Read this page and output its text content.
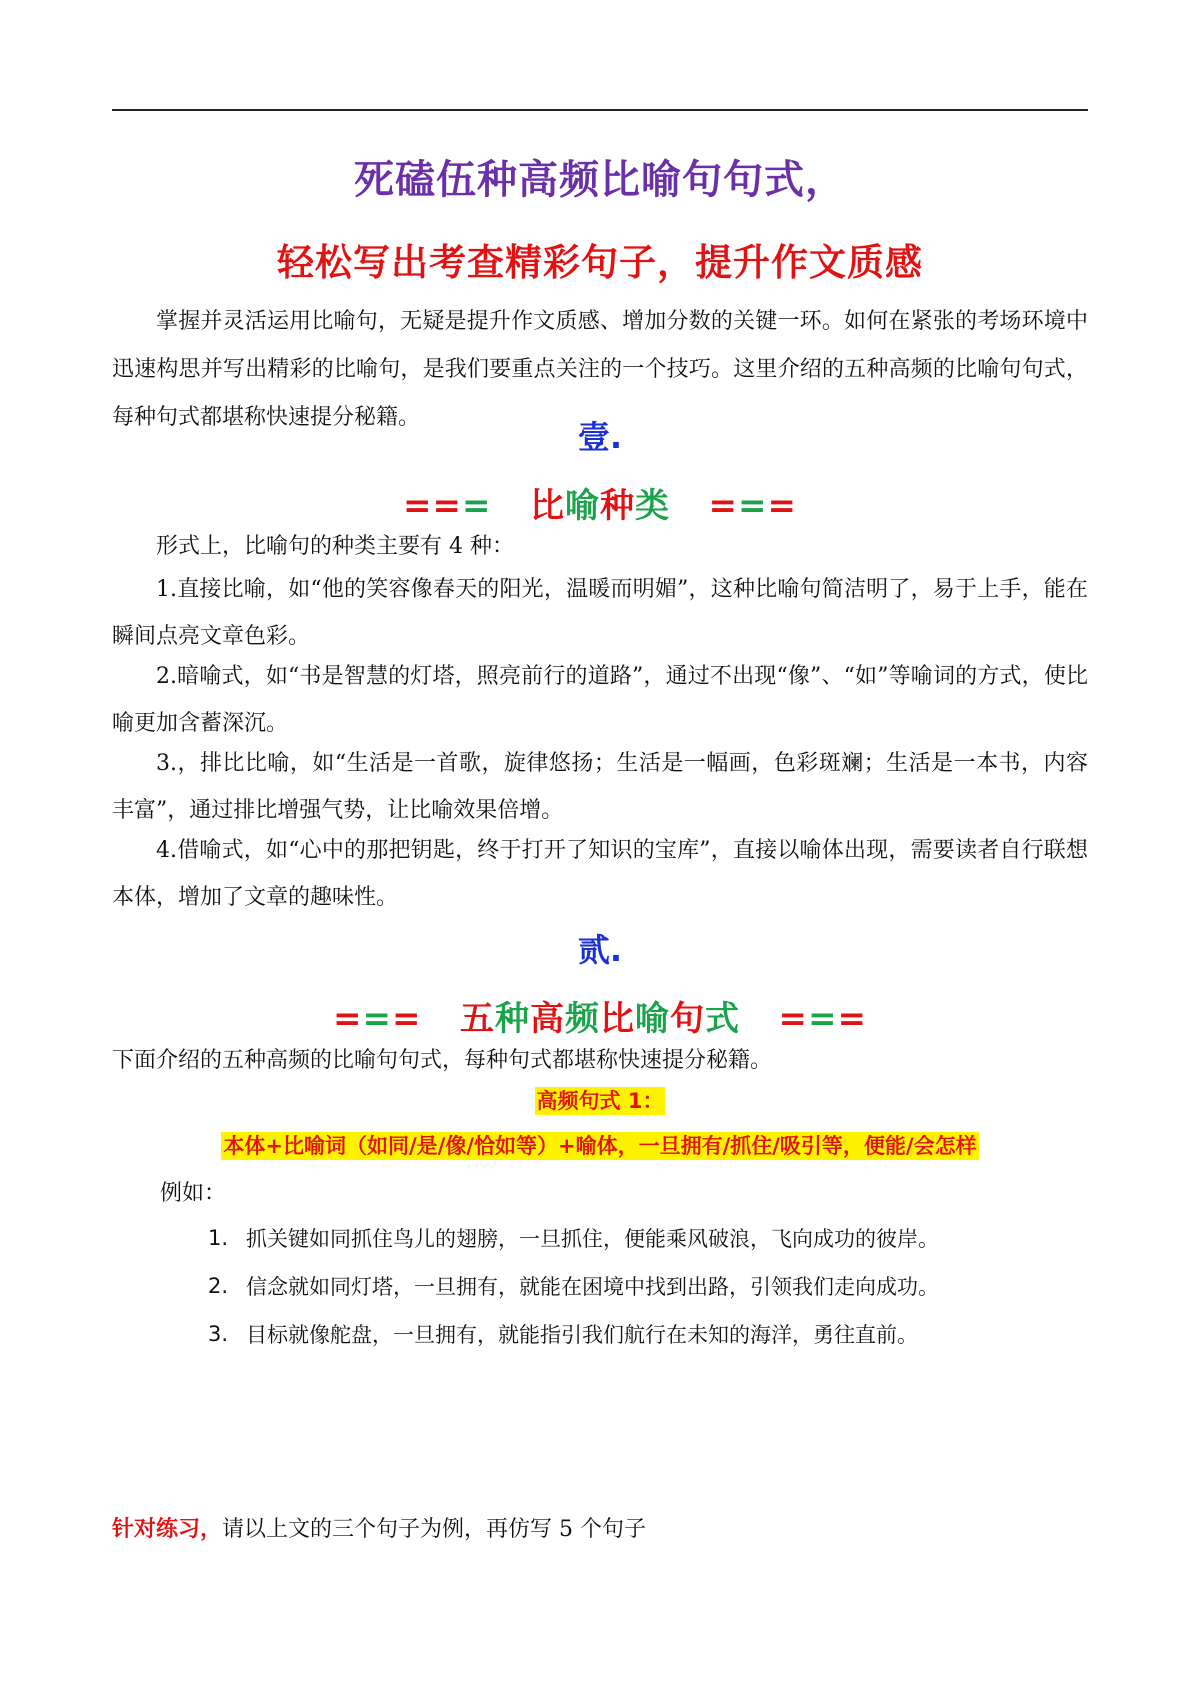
死磕伍种高频比喻句句式，
轻松写出考查精彩句子，提升作文质感
掌握并灵活运用比喻句，无疑是提升作文质感、增加分数的关键一环。如何在紧张的考场环境中迅速构思并写出精彩的比喻句，是我们要重点关注的一个技巧。这里介绍的五种高频的比喻句句式，每种句式都堪称快速提分秘籍。
壹.
=== 比喻种类 ===
形式上，比喻句的种类主要有 4 种：
1.直接比喻，如“他的笑容像春天的阳光，温暖而明媚”，这种比喻句简洁明了，易于上手，能在瞬间点亮文章色彩。
2.暗喻式，如“书是智慧的灯塔，照亮前行的道路”，通过不出现“像”、“如”等喻词的方式，使比喻更加含蓄深沉。
3.，排比比喻，如“生活是一首歌，旋律悠扬；生活是一幅画，色彩斑斓；生活是一本书，内容丰富”，通过排比增强气势，让比喻效果倍增。
4.借喻式，如“心中的那把钥匙，终于打开了知识的宝库”，直接以喻体出现，需要读者自行联想本体，增加了文章的趣味性。
贰.
=== 五种高频比喻句式 ===
下面介绍的五种高频的比喻句句式，每种句式都堪称快速提分秘籍。
高频句式 1：
本体+比喻词（如同/是/像/恰如等）+喻体，一旦拥有/抓住/吸引等，便能/会怎样
例如：
1. 抓关键如同抓住鸟儿的翅膀，一旦抓住，便能乘风破浪，飞向成功的彼岸。
2. 信念就如同灯塔，一旦拥有，就能在困境中找到出路，引领我们走向成功。
3. 目标就像舵盘，一旦拥有，就能指引我们航行在未知的海洋，勇往直前。
针对练习，请以上文的三个句子为例，再仿写 5 个句子
